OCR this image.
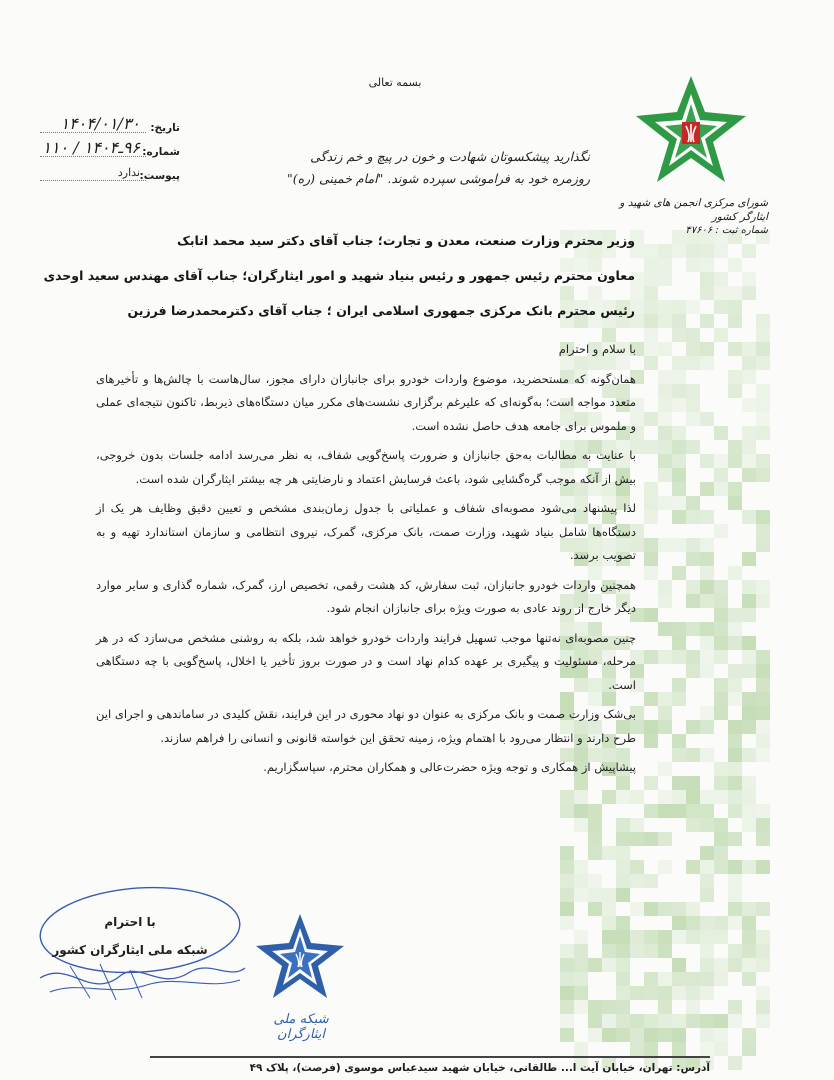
بسمه تعالی
شورای مرکزی انجمن های شهید و ایثارگر کشور
شماره ثبت : ۴۷۶۰۶
نگذارید پیشکسوتان شهادت و خون در پیچ و خم زندگی
روزمره خود به فراموشی سپرده شوند. "امام خمینی (ره)"
تاریخ:
۱۴۰۴/۰۱/۳۰
شماره:
۹۶ـ۱۴۰۴ / ۱۱۰
پیوست:
ندارد
وزیر محترم وزارت صنعت، معدن و تجارت؛ جناب آقای دکتر سید محمد اتابک
معاون محترم رئیس جمهور و رئیس بنیاد شهید و امور ایثارگران؛ جناب آقای مهندس سعید اوحدی
رئیس محترم بانک مرکزی جمهوری اسلامی ایران ؛ جناب آقای دکترمحمدرضا فرزین

با سلام و احترام

همان‌گونه که مستحضرید، موضوع واردات خودرو برای جانبازان دارای مجوز، سال‌هاست با چالش‌ها و تأخیرهای متعدد مواجه است؛ به‌گونه‌ای که علیرغم برگزاری نشست‌های مکرر میان دستگاه‌های ذیربط، تاکنون نتیجه‌ای عملی و ملموس برای جامعه هدف حاصل نشده است.

با عنایت به مطالبات به‌حق جانبازان و ضرورت پاسخ‌گویی شفاف، به نظر می‌رسد ادامه جلسات بدون خروجی، بیش از آنکه موجب گره‌گشایی شود، باعث فرسایش اعتماد و نارضایتی هر چه بیشتر ایثارگران شده است.

لذا پیشنهاد می‌شود مصوبه‌ای شفاف و عملیاتی با جدول زمان‌بندی مشخص و تعیین دقیق وظایف هر یک از دستگاه‌ها شامل بنیاد شهید، وزارت صمت، بانک مرکزی، گمرک، نیروی انتظامی و سازمان استاندارد تهیه و به تصویب برسد.

همچنین واردات خودرو جانبازان، ثبت سفارش، کد هشت رقمی، تخصیص ارز، گمرک، شماره گذاری و سایر موارد دیگر خارج از روند عادی به صورت ویژه برای جانبازان انجام شود.

چنین مصوبه‌ای نه‌تنها موجب تسهیل فرایند واردات خودرو خواهد شد، بلکه به روشنی مشخص می‌سازد که در هر مرحله، مسئولیت و پیگیری بر عهده کدام نهاد است و در صورت بروز تأخیر یا اخلال، پاسخ‌گویی با چه دستگاهی است.

بی‌شک وزارت صمت و بانک مرکزی به عنوان دو نهاد محوری در این فرایند، نقش کلیدی در ساماندهی و اجرای این طرح دارند و انتظار می‌رود با اهتمام ویژه، زمینه تحقق این خواسته قانونی و انسانی را فراهم سازند.

پیشاپیش از همکاری و توجه ویژه حضرت‌عالی و همکاران محترم، سپاسگزاریم.

با احترام
شبکه ملی ایثارگران کشور
شبکه ملی ایثارگران
آدرس: تهران، خیابان آیت ا... طالقانی، خیابان شهید سیدعباس موسوی (فرصت)، پلاک ۴۹
